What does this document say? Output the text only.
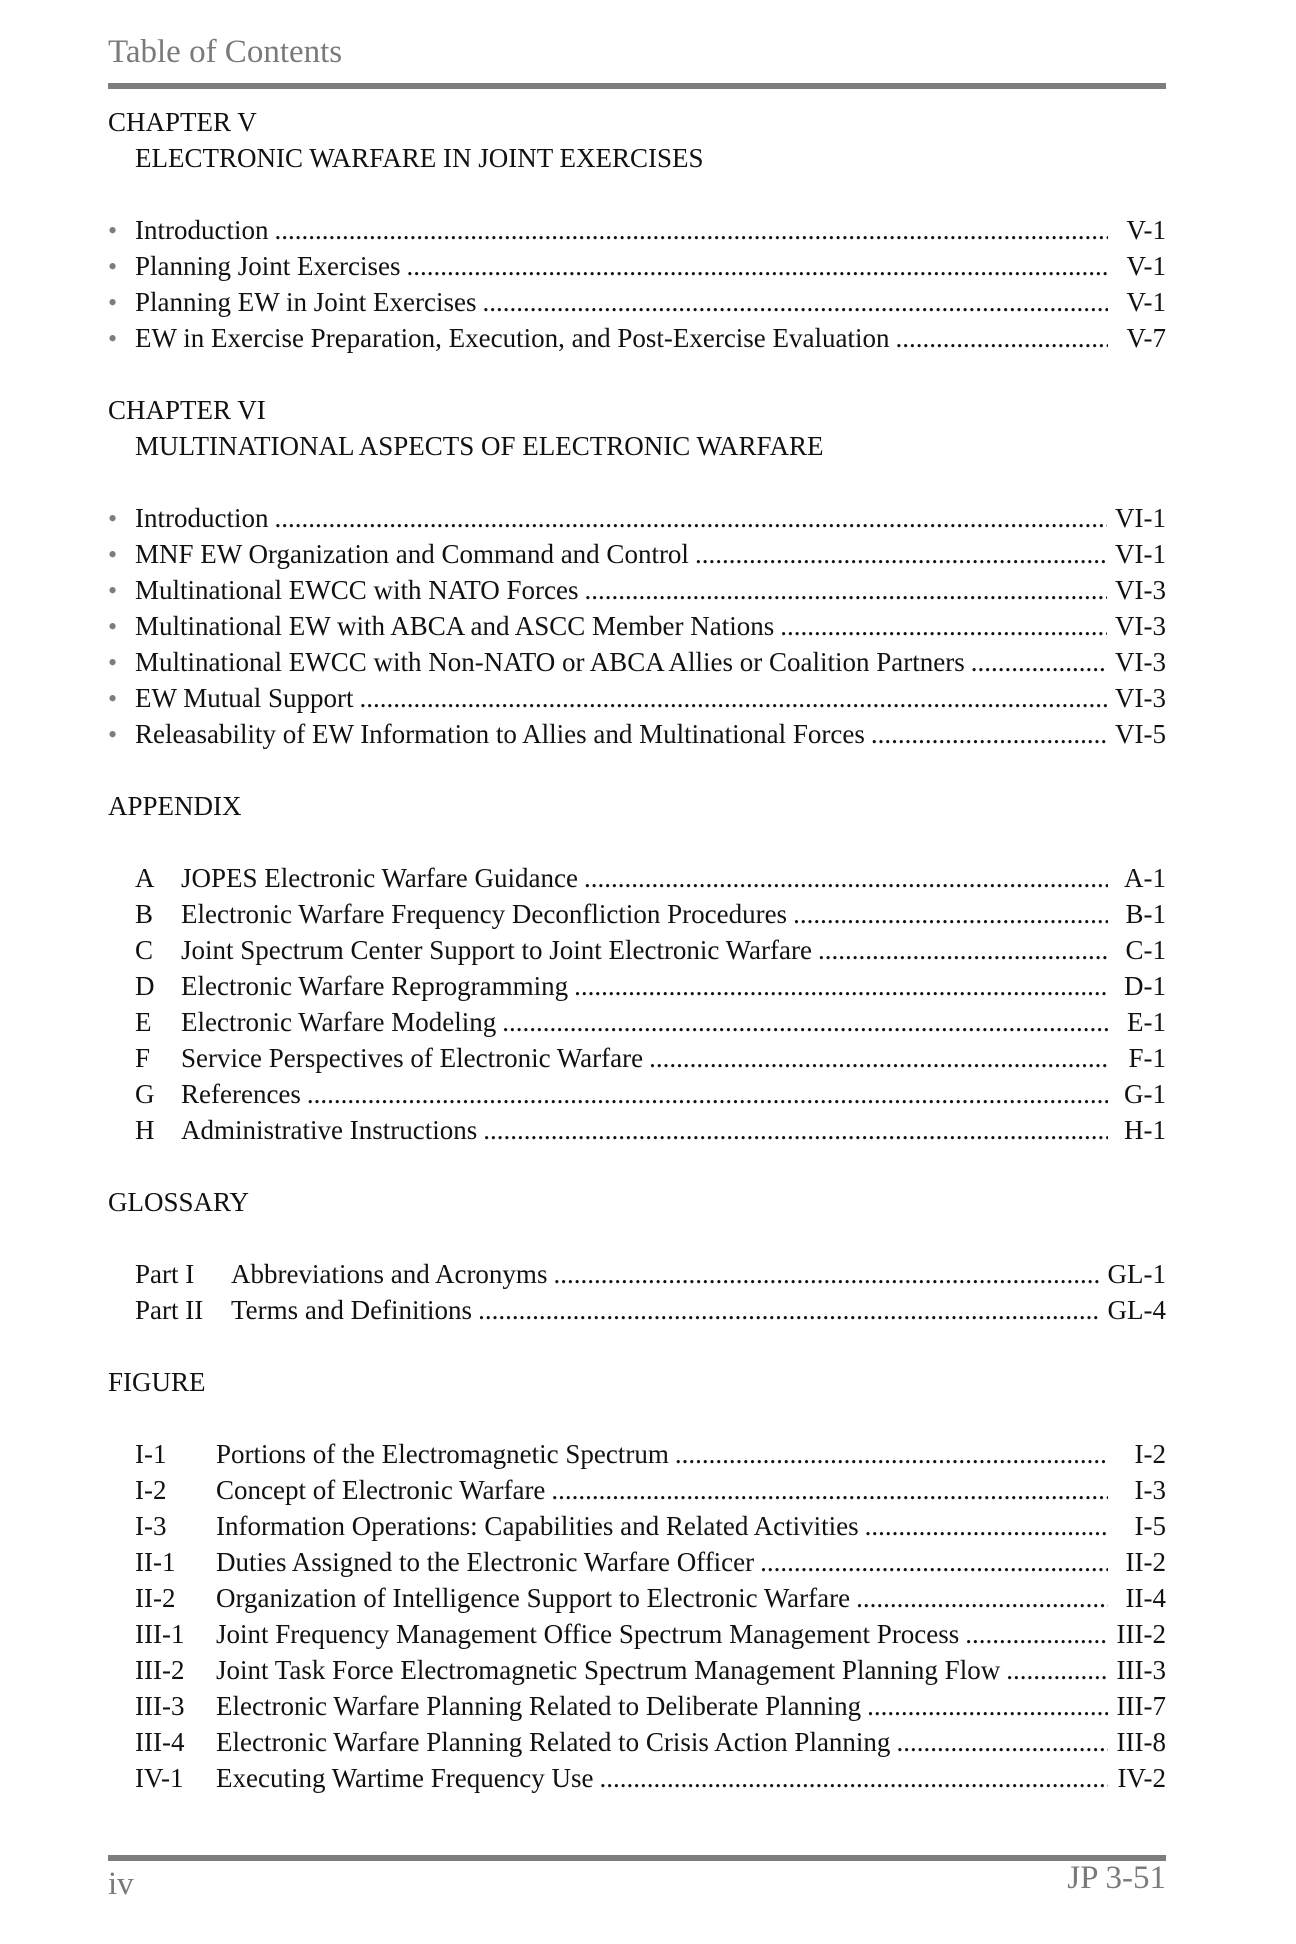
Table of Contents
CHAPTER V
ELECTRONIC WARFARE IN JOINT EXERCISES
• Introduction .....	V-1
• Planning Joint Exercises .....	V-1
• Planning EW in Joint Exercises .....	V-1
• EW in Exercise Preparation, Execution, and Post-Exercise Evaluation .....	V-7
CHAPTER VI
MULTINATIONAL ASPECTS OF ELECTRONIC WARFARE
• Introduction .....	VI-1
• MNF EW Organization and Command and Control .....	VI-1
• Multinational EWCC with NATO Forces .....	VI-3
• Multinational EW with ABCA and ASCC Member Nations .....	VI-3
• Multinational EWCC with Non-NATO or ABCA Allies or Coalition Partners .....	VI-3
• EW Mutual Support .....	VI-3
• Releasability of EW Information to Allies and Multinational Forces .....	VI-5
APPENDIX
A JOPES Electronic Warfare Guidance .....	A-1
B	Electronic Warfare Frequency Deconfliction Procedures .....	B-1
C	Joint Spectrum Center Support to Joint Electronic Warfare .....	C-1
D Electronic Warfare Reprogramming .....	D-1
E	Electronic Warfare Modeling .....	E-1
F	Service Perspectives of Electronic Warfare .....	F-1
G References .....	G-1
H Administrative Instructions .....	H-1
GLOSSARY
Part I	Abbreviations and Acronyms .....	GL-1
Part II	Terms and Definitions .....	GL-4
FIGURE
I-1	Portions of the Electromagnetic Spectrum .....	I-2
I-2	Concept of Electronic Warfare .....	I-3
I-3	Information Operations: Capabilities and Related Activities .....	I-5
II-1	Duties Assigned to the Electronic Warfare Officer .....	II-2
II-2	Organization of Intelligence Support to Electronic Warfare .....	II-4
III-1	Joint Frequency Management Office Spectrum Management Process .....	III-2
III-2	Joint Task Force Electromagnetic Spectrum Management Planning Flow .....	III-3
III-3	Electronic Warfare Planning Related to Deliberate Planning .....	III-7
III-4	Electronic Warfare Planning Related to Crisis Action Planning .....	III-8
IV-1	Executing Wartime Frequency Use .....	IV-2
iv	JP 3-51
